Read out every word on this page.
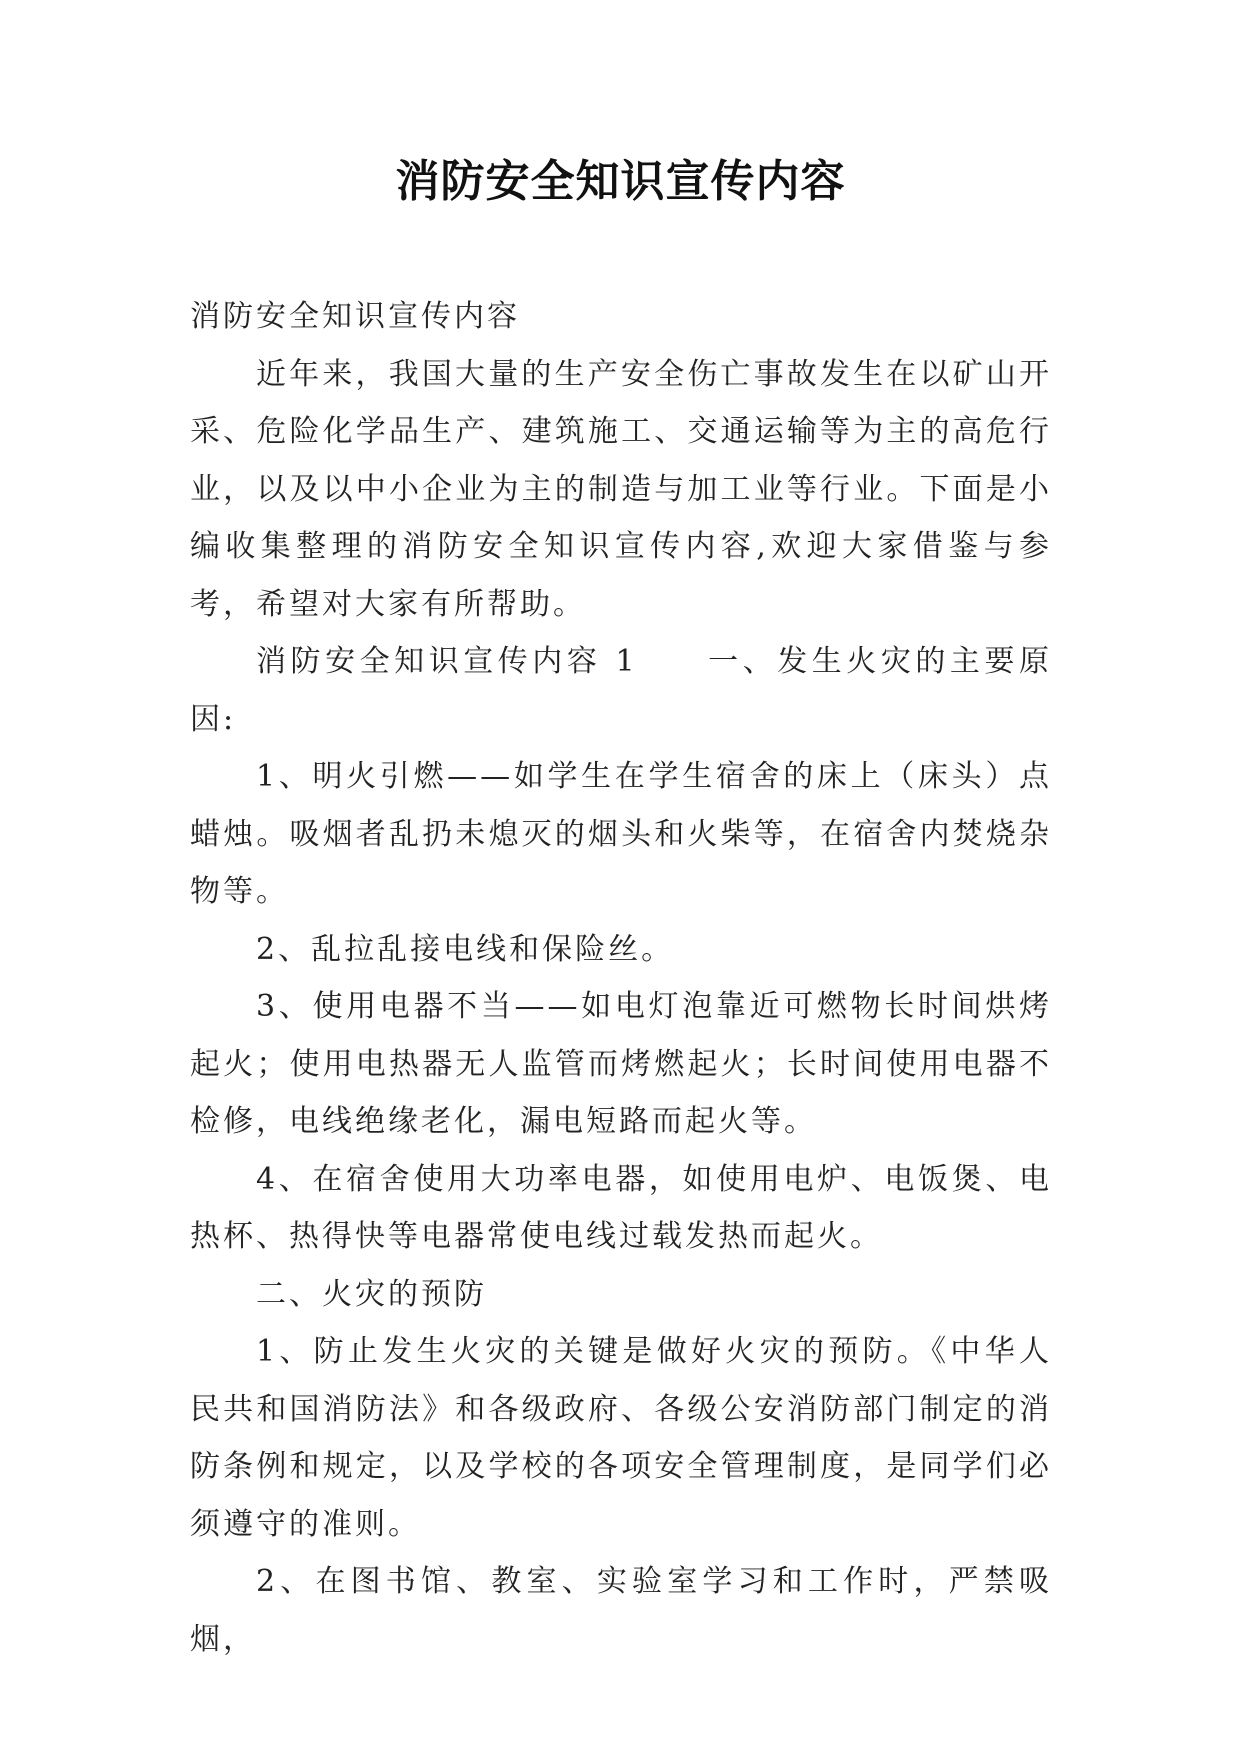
消防安全知识宣传内容

消防安全知识宣传内容

近年来，我国大量的生产安全伤亡事故发生在以矿山开采、危险化学品生产、建筑施工、交通运输等为主的高危行业，以及以中小企业为主的制造与加工业等行业。下面是小编收集整理的消防安全知识宣传内容,欢迎大家借鉴与参考，希望对大家有所帮助。

消防安全知识宣传内容 1　　一、发生火灾的主要原因:

1、明火引燃——如学生在学生宿舍的床上（床头）点蜡烛。吸烟者乱扔未熄灭的烟头和火柴等，在宿舍内焚烧杂物等。

2、乱拉乱接电线和保险丝。

3、使用电器不当——如电灯泡靠近可燃物长时间烘烤起火；使用电热器无人监管而烤燃起火；长时间使用电器不检修，电线绝缘老化，漏电短路而起火等。

4、在宿舍使用大功率电器，如使用电炉、电饭煲、电热杯、热得快等电器常使电线过载发热而起火。

二、火灾的预防

1、防止发生火灾的关键是做好火灾的预防。《中华人民共和国消防法》和各级政府、各级公安消防部门制定的消防条例和规定，以及学校的各项安全管理制度，是同学们必须遵守的准则。

2、在图书馆、教室、实验室学习和工作时，严禁吸烟，
